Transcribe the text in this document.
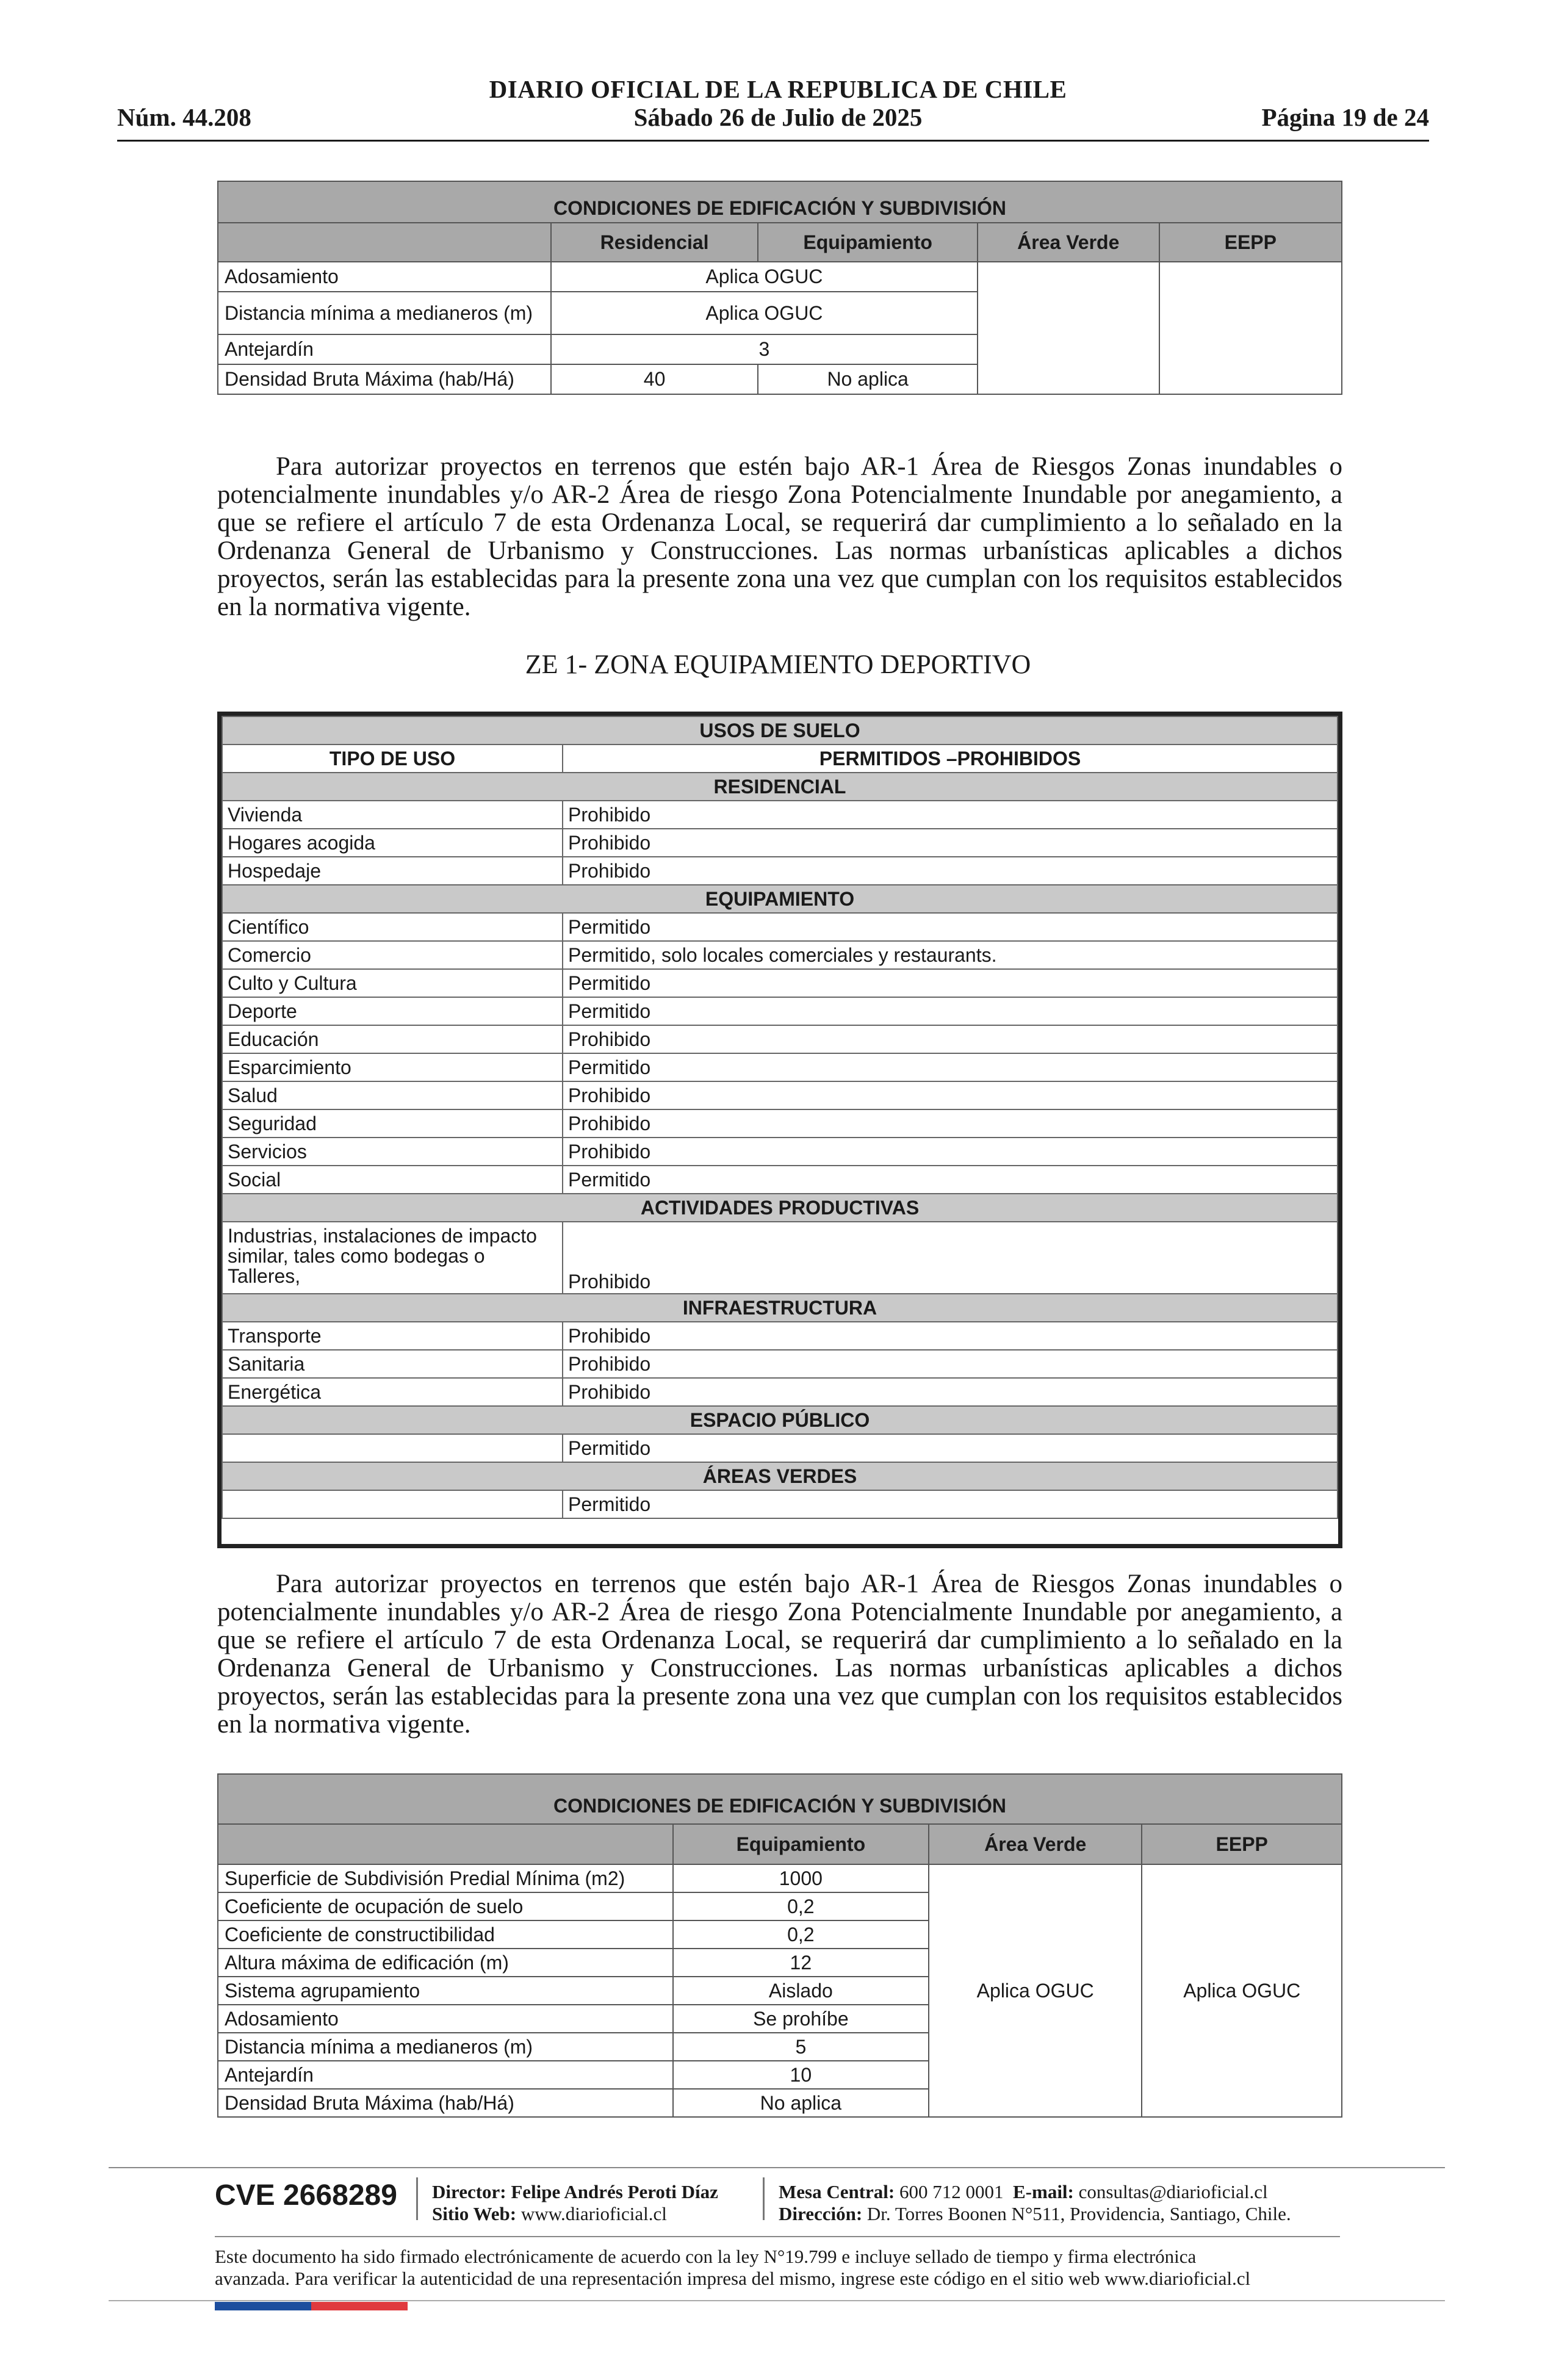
DIARIO OFICIAL DE LA REPUBLICA DE CHILE
Núm. 44.208	Sábado 26 de Julio de 2025	Página 19 de 24
CONDICIONES DE EDIFICACIÓN Y SUBDIVISIÓN				
	Residencial	Equipamiento	Área Verde	EEPP
Adosamiento	Aplica OGUC			
Distancia mínima a medianeros (m)	Aplica OGUC			
Antejardín	3			
Densidad Bruta Máxima (hab/Há)	40	No aplica		

Para autorizar proyectos en terrenos que estén bajo AR-1 Área de Riesgos Zonas inundables o potencialmente inundables y/o AR-2 Área de riesgo Zona Potencialmente Inundable por anegamiento, a que se refiere el artículo 7 de esta Ordenanza Local, se requerirá dar cumplimiento a lo señalado en la Ordenanza General de Urbanismo y Construcciones. Las normas urbanísticas aplicables a dichos proyectos, serán las establecidas para la presente zona una vez que cumplan con los requisitos establecidos en la normativa vigente.

ZE 1- ZONA EQUIPAMIENTO DEPORTIVO
USOS DE SUELO	
TIPO DE USO	PERMITIDOS –PROHIBIDOS
RESIDENCIAL	
Vivienda	Prohibido
Hogares acogida	Prohibido
Hospedaje	Prohibido
EQUIPAMIENTO	
Científico	Permitido
Comercio	Permitido, solo locales comerciales y restaurants.
Culto y Cultura	Permitido
Deporte	Permitido
Educación	Prohibido
Esparcimiento	Permitido
Salud	Prohibido
Seguridad	Prohibido
Servicios	Prohibido
Social	Permitido
ACTIVIDADES PRODUCTIVAS	
Industrias, instalaciones de impacto similar, tales como bodegas o Talleres,	Prohibido
INFRAESTRUCTURA	
Transporte	Prohibido
Sanitaria	Prohibido
Energética	Prohibido
ESPACIO PÚBLICO	
	Permitido
ÁREAS VERDES	
	Permitido

Para autorizar proyectos en terrenos que estén bajo AR-1 Área de Riesgos Zonas inundables o potencialmente inundables y/o AR-2 Área de riesgo Zona Potencialmente Inundable por anegamiento, a que se refiere el artículo 7 de esta Ordenanza Local, se requerirá dar cumplimiento a lo señalado en la Ordenanza General de Urbanismo y Construcciones. Las normas urbanísticas aplicables a dichos proyectos, serán las establecidas para la presente zona una vez que cumplan con los requisitos establecidos en la normativa vigente.

CONDICIONES DE EDIFICACIÓN Y SUBDIVISIÓN			
	Equipamiento	Área Verde	EEPP
Superficie de Subdivisión Predial Mínima (m2)	1000	Aplica OGUC	Aplica OGUC
Coeficiente de ocupación de suelo	0,2		
Coeficiente de constructibilidad	0,2		
Altura máxima de edificación (m)	12		
Sistema agrupamiento	Aislado		
Adosamiento	Se prohíbe		
Distancia mínima a medianeros (m)	5		
Antejardín	10		
Densidad Bruta Máxima (hab/Há)	No aplica		
CVE 2668289 Director: Felipe Andrés Peroti Díaz
Sitio Web: www.diarioficial.cl
Mesa Central: 600 712 0001 E-mail: consultas@diarioficial.cl
Dirección: Dr. Torres Boonen N°511, Providencia, Santiago, Chile.
Este documento ha sido firmado electrónicamente de acuerdo con la ley N°19.799 e incluye sellado de tiempo y firma electrónica
avanzada. Para verificar la autenticidad de una representación impresa del mismo, ingrese este código en el sitio web www.diarioficial.cl
